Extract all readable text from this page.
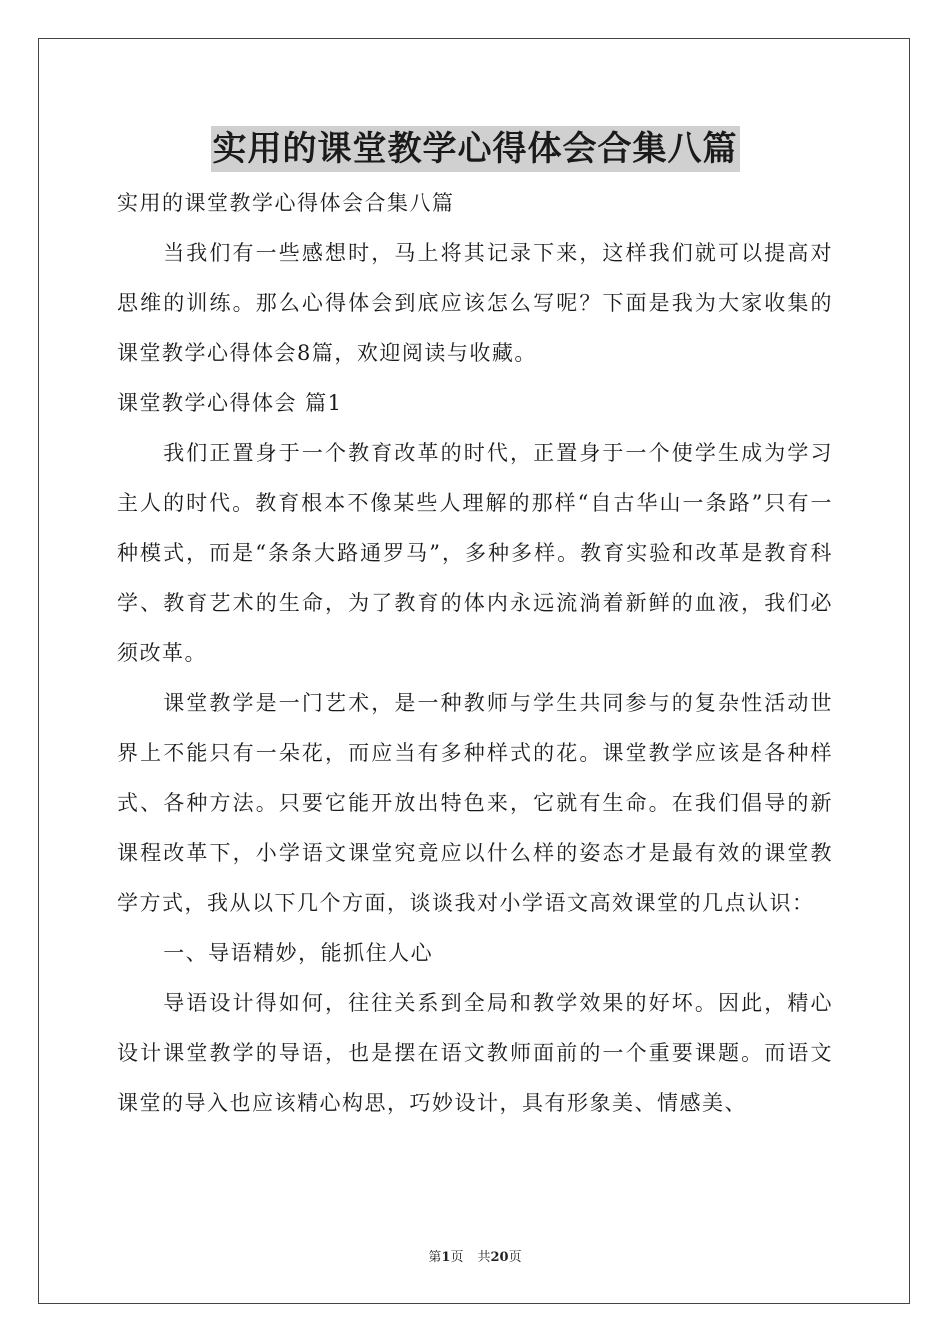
实用的课堂教学心得体会合集八篇

实用的课堂教学心得体会合集八篇

当我们有一些感想时，马上将其记录下来，这样我们就可以提高对思维的训练。那么心得体会到底应该怎么写呢？下面是我为大家收集的课堂教学心得体会8篇，欢迎阅读与收藏。

课堂教学心得体会 篇1

我们正置身于一个教育改革的时代，正置身于一个使学生成为学习主人的时代。教育根本不像某些人理解的那样“自古华山一条路”只有一种模式，而是“条条大路通罗马”，多种多样。教育实验和改革是教育科学、教育艺术的生命，为了教育的体内永远流淌着新鲜的血液，我们必须改革。

课堂教学是一门艺术，是一种教师与学生共同参与的复杂性活动世界上不能只有一朵花，而应当有多种样式的花。课堂教学应该是各种样式、各种方法。只要它能开放出特色来，它就有生命。在我们倡导的新课程改革下，小学语文课堂究竟应以什么样的姿态才是最有效的课堂教学方式，我从以下几个方面，谈谈我对小学语文高效课堂的几点认识：

一、导语精妙，能抓住人心

导语设计得如何，往往关系到全局和教学效果的好坏。因此，精心设计课堂教学的导语，也是摆在语文教师面前的一个重要课题。而语文课堂的导入也应该精心构思，巧妙设计，具有形象美、情感美、

第1页 共20页
